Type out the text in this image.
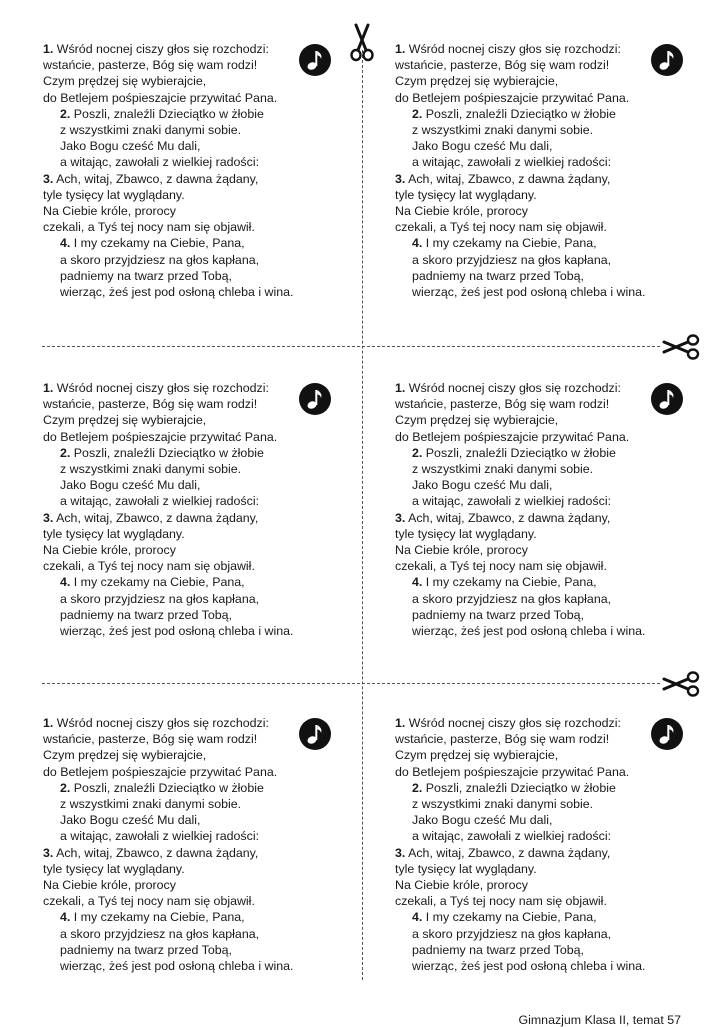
1. Wśród nocnej ciszy głos się rozchodzi:
wstańcie, pasterze, Bóg się wam rodzi!
Czym prędzej się wybierajcie,
do Betlejem pośpieszajcie przywitać Pana.
2. Poszli, znaleźli Dzieciątko w żłobie
z wszystkimi znaki danymi sobie.
Jako Bogu cześć Mu dali,
a witając, zawołali z wielkiej radości:
3. Ach, witaj, Zbawco, z dawna żądany,
tyle tysięcy lat wyglądany.
Na Ciebie króle, prorocy
czekali, a Tyś tej nocy nam się objawił.
4. I my czekamy na Ciebie, Pana,
a skoro przyjdziesz na głos kapłana,
padniemy na twarz przed Tobą,
wierząc, żeś jest pod osłoną chleba i wina.
1. Wśród nocnej ciszy głos się rozchodzi:
wstańcie, pasterze, Bóg się wam rodzi!
Czym prędzej się wybierajcie,
do Betlejem pośpieszajcie przywitać Pana.
2. Poszli, znaleźli Dzieciątko w żłobie
z wszystkimi znaki danymi sobie.
Jako Bogu cześć Mu dali,
a witając, zawołali z wielkiej radości:
3. Ach, witaj, Zbawco, z dawna żądany,
tyle tysięcy lat wyglądany.
Na Ciebie króle, prorocy
czekali, a Tyś tej nocy nam się objawił.
4. I my czekamy na Ciebie, Pana,
a skoro przyjdziesz na głos kapłana,
padniemy na twarz przed Tobą,
wierząc, żeś jest pod osłoną chleba i wina.
1. Wśród nocnej ciszy głos się rozchodzi:
wstańcie, pasterze, Bóg się wam rodzi!
Czym prędzej się wybierajcie,
do Betlejem pośpieszajcie przywitać Pana.
2. Poszli, znaleźli Dzieciątko w żłobie
z wszystkimi znaki danymi sobie.
Jako Bogu cześć Mu dali,
a witając, zawołali z wielkiej radości:
3. Ach, witaj, Zbawco, z dawna żądany,
tyle tysięcy lat wyglądany.
Na Ciebie króle, prorocy
czekali, a Tyś tej nocy nam się objawił.
4. I my czekamy na Ciebie, Pana,
a skoro przyjdziesz na głos kapłana,
padniemy na twarz przed Tobą,
wierząc, żeś jest pod osłoną chleba i wina.
1. Wśród nocnej ciszy głos się rozchodzi:
wstańcie, pasterze, Bóg się wam rodzi!
Czym prędzej się wybierajcie,
do Betlejem pośpieszajcie przywitać Pana.
2. Poszli, znaleźli Dzieciątko w żłobie
z wszystkimi znaki danymi sobie.
Jako Bogu cześć Mu dali,
a witając, zawołali z wielkiej radości:
3. Ach, witaj, Zbawco, z dawna żądany,
tyle tysięcy lat wyglądany.
Na Ciebie króle, prorocy
czekali, a Tyś tej nocy nam się objawił.
4. I my czekamy na Ciebie, Pana,
a skoro przyjdziesz na głos kapłana,
padniemy na twarz przed Tobą,
wierząc, żeś jest pod osłoną chleba i wina.
1. Wśród nocnej ciszy głos się rozchodzi:
wstańcie, pasterze, Bóg się wam rodzi!
Czym prędzej się wybierajcie,
do Betlejem pośpieszajcie przywitać Pana.
2. Poszli, znaleźli Dzieciątko w żłobie
z wszystkimi znaki danymi sobie.
Jako Bogu cześć Mu dali,
a witając, zawołali z wielkiej radości:
3. Ach, witaj, Zbawco, z dawna żądany,
tyle tysięcy lat wyglądany.
Na Ciebie króle, prorocy
czekali, a Tyś tej nocy nam się objawił.
4. I my czekamy na Ciebie, Pana,
a skoro przyjdziesz na głos kapłana,
padniemy na twarz przed Tobą,
wierząc, żeś jest pod osłoną chleba i wina.
1. Wśród nocnej ciszy głos się rozchodzi:
wstańcie, pasterze, Bóg się wam rodzi!
Czym prędzej się wybierajcie,
do Betlejem pośpieszajcie przywitać Pana.
2. Poszli, znaleźli Dzieciątko w żłobie
z wszystkimi znaki danymi sobie.
Jako Bogu cześć Mu dali,
a witając, zawołali z wielkiej radości:
3. Ach, witaj, Zbawco, z dawna żądany,
tyle tysięcy lat wyglądany.
Na Ciebie króle, prorocy
czekali, a Tyś tej nocy nam się objawił.
4. I my czekamy na Ciebie, Pana,
a skoro przyjdziesz na głos kapłana,
padniemy na twarz przed Tobą,
wierząc, żeś jest pod osłoną chleba i wina.
Gimnazjum Klasa II, temat 57
